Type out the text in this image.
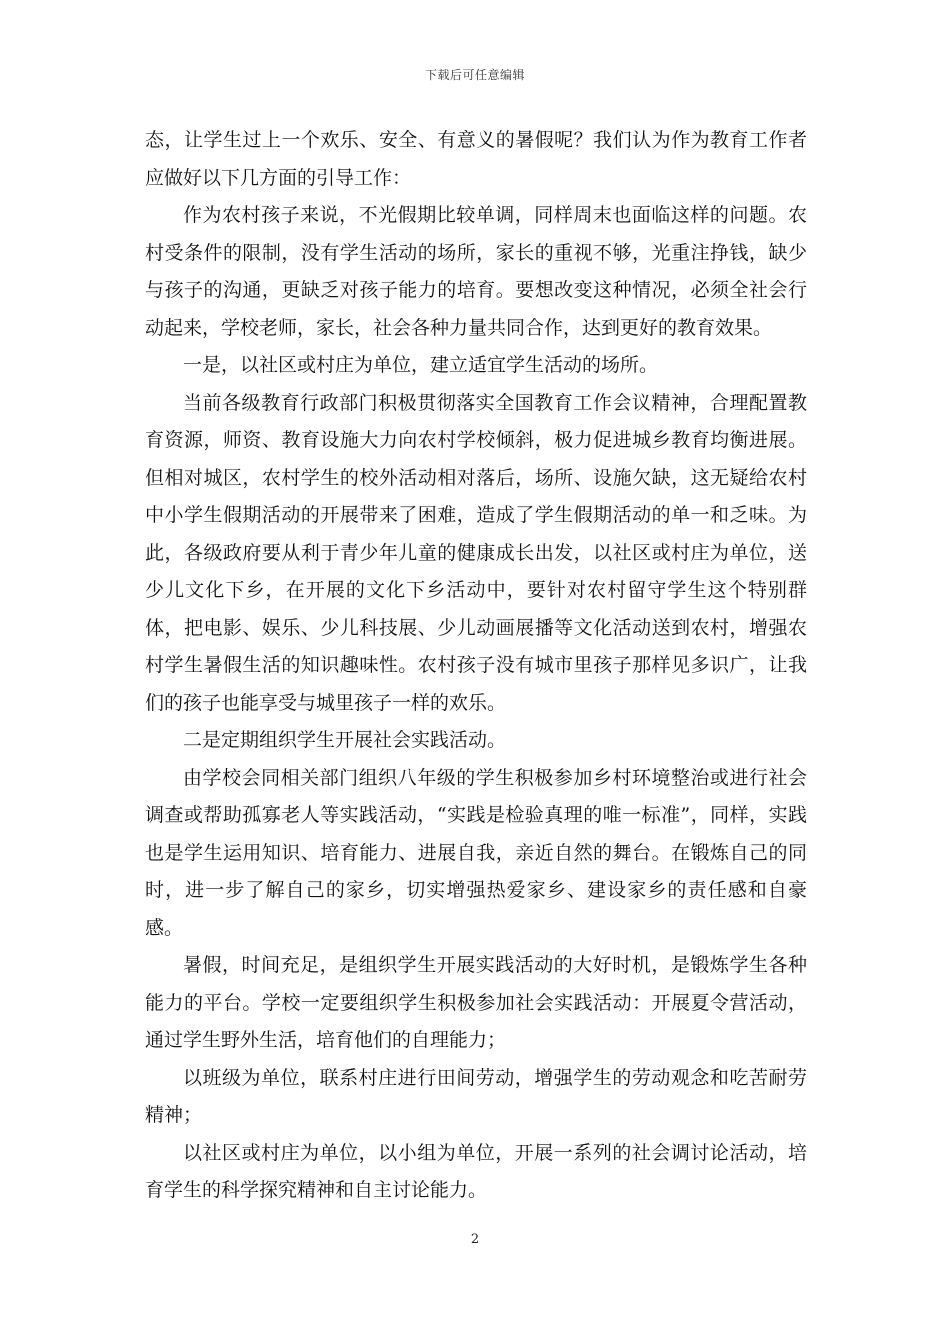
下载后可任意编辑

态，让学生过上一个欢乐、安全、有意义的暑假呢？我们认为作为教育工作者应做好以下几方面的引导工作：

作为农村孩子来说，不光假期比较单调，同样周末也面临这样的问题。农村受条件的限制，没有学生活动的场所，家长的重视不够，光重注挣钱，缺少与孩子的沟通，更缺乏对孩子能力的培育。要想改变这种情况，必须全社会行动起来，学校老师，家长，社会各种力量共同合作，达到更好的教育效果。

一是，以社区或村庄为单位，建立适宜学生活动的场所。

当前各级教育行政部门积极贯彻落实全国教育工作会议精神，合理配置教育资源，师资、教育设施大力向农村学校倾斜，极力促进城乡教育均衡进展。但相对城区，农村学生的校外活动相对落后，场所、设施欠缺，这无疑给农村中小学生假期活动的开展带来了困难，造成了学生假期活动的单一和乏味。为此，各级政府要从利于青少年儿童的健康成长出发，以社区或村庄为单位，送少儿文化下乡，在开展的文化下乡活动中，要针对农村留守学生这个特别群体，把电影、娱乐、少儿科技展、少儿动画展播等文化活动送到农村，增强农村学生暑假生活的知识趣味性。农村孩子没有城市里孩子那样见多识广，让我们的孩子也能享受与城里孩子一样的欢乐。

二是定期组织学生开展社会实践活动。

由学校会同相关部门组织八年级的学生积极参加乡村环境整治或进行社会调查或帮助孤寡老人等实践活动，“实践是检验真理的唯一标准”，同样，实践也是学生运用知识、培育能力、进展自我，亲近自然的舞台。在锻炼自己的同时，进一步了解自己的家乡，切实增强热爱家乡、建设家乡的责任感和自豪感。

暑假，时间充足，是组织学生开展实践活动的大好时机，是锻炼学生各种能力的平台。学校一定要组织学生积极参加社会实践活动：开展夏令营活动，通过学生野外生活，培育他们的自理能力；

以班级为单位，联系村庄进行田间劳动，增强学生的劳动观念和吃苦耐劳精神；

以社区或村庄为单位，以小组为单位，开展一系列的社会调讨论活动，培育学生的科学探究精神和自主讨论能力。

2
